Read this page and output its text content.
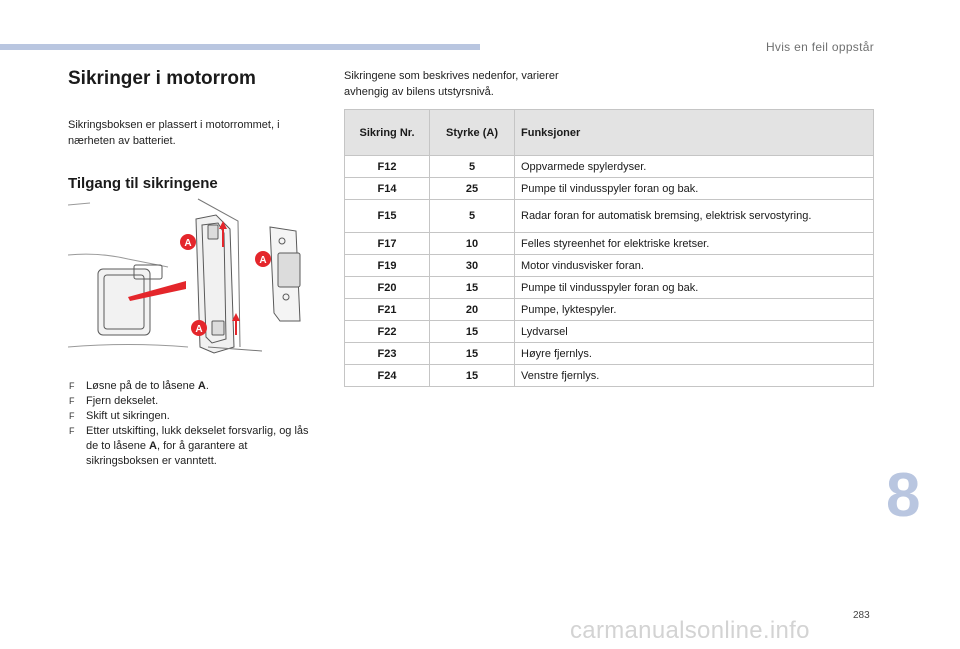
Hvis en feil oppstår
Sikringer i motorrom

Sikringsboksen er plassert i motorrommet, i nærheten av batteriet.

Tilgang til sikringene
A
A
A
F Løsne på de to låsene A.
F Fjern dekselet.
F Skift ut sikringen.
F Etter utskifting, lukk dekselet forsvarlig, og lås de to låsene A, for å garantere at sikringsboksen er vanntett.

Sikringene som beskrives nedenfor, varierer avhengig av bilens utstyrsnivå.

Sikring Nr.	Styrke (A)	Funksjoner
F12	5	Oppvarmede spylerdyser.
F14	25	Pumpe til vindusspyler foran og bak.
F15	5	Radar foran for automatisk bremsing, elektrisk servostyring.
F17	10	Felles styreenhet for elektriske kretser.
F19	30	Motor vindusvisker foran.
F20	15	Pumpe til vindusspyler foran og bak.
F21	20	Pumpe, lyktespyler.
F22	15	Lydvarsel
F23	15	Høyre fjernlys.
F24	15	Venstre fjernlys.
8
283
carmanualsonline.info
